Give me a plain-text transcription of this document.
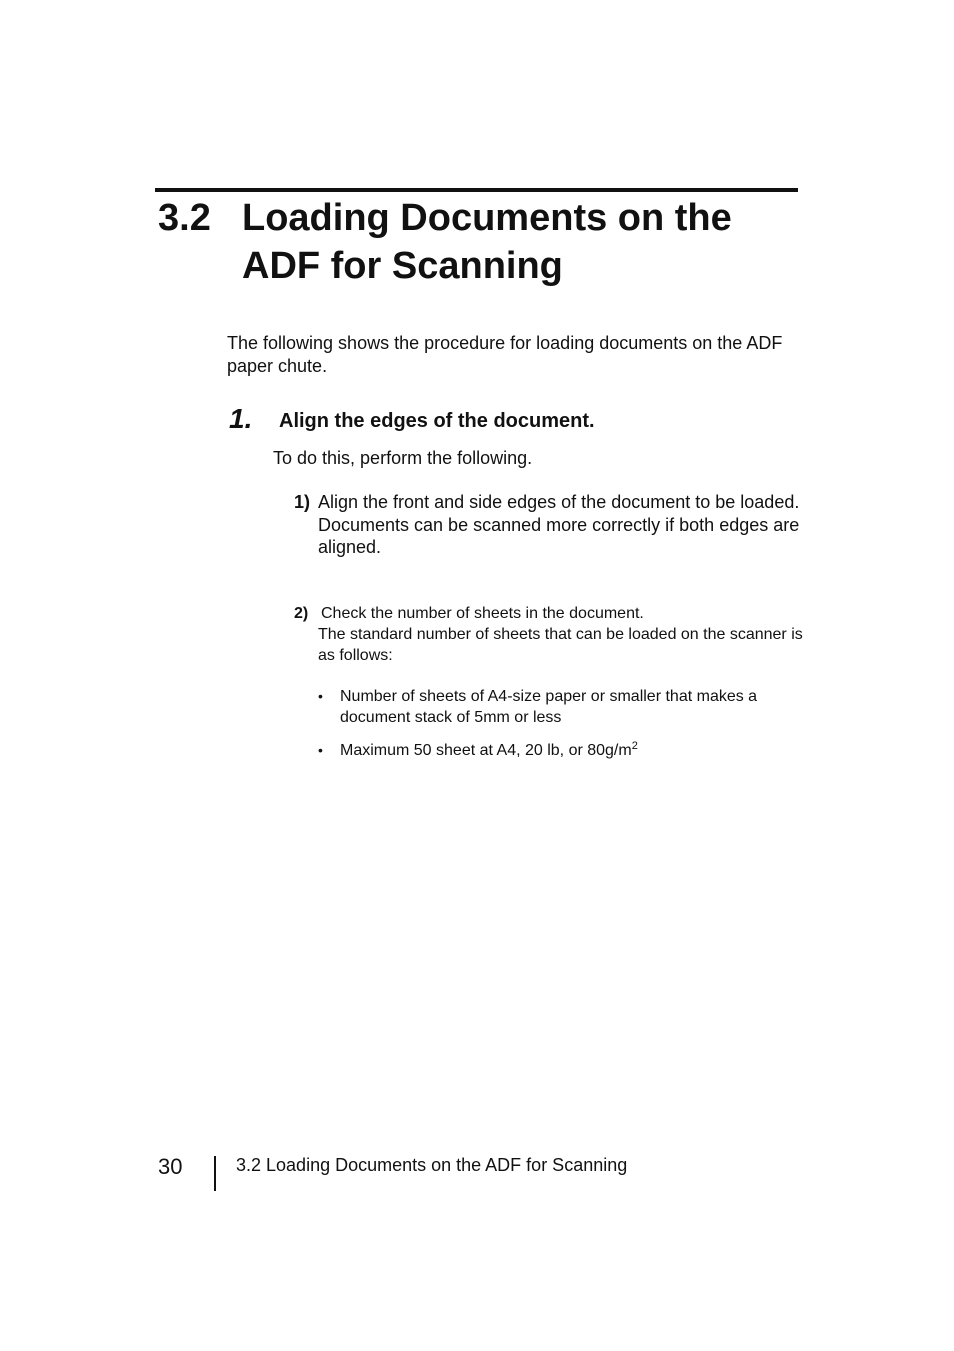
3.2 Loading Documents on the ADF for Scanning
The following shows the procedure for loading documents on the ADF paper chute.
1. Align the edges of the document.
To do this, perform the following.
1) Align the front and side edges of the document to be loaded.
Documents can be scanned more correctly if both edges are aligned.
2) Check the number of sheets in the document.
The standard number of sheets that can be loaded on the scanner is as follows:
•	Number of sheets of A4-size paper or smaller that makes a document stack of 5mm or less
•	Maximum 50 sheet at A4, 20 lb, or $80g/m^2$
30	3.2 Loading Documents on the ADF for Scanning
